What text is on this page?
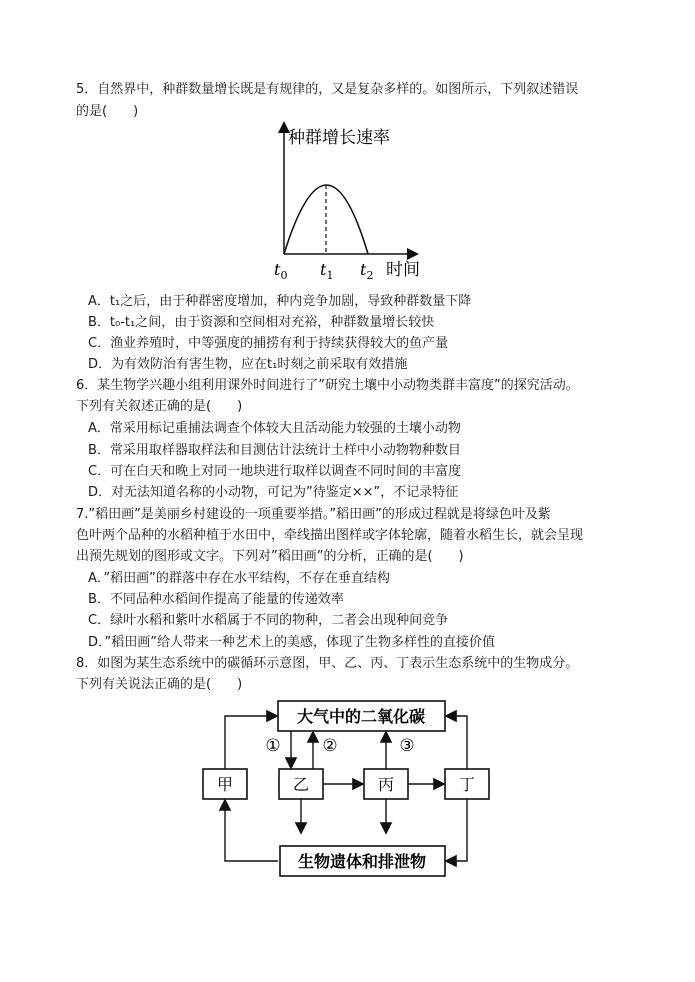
5．自然界中，种群数量增长既是有规律的，又是复杂多样的。如图所示，下列叙述错误
的是(　　)
种群增长速率
$t_0$ $t_1$ $t_2$ 时间
A．t₁之后，由于种群密度增加，种内竞争加剧，导致种群数量下降
B．t₀-t₁之间，由于资源和空间相对充裕，种群数量增长较快
C．渔业养殖时，中等强度的捕捞有利于持续获得较大的鱼产量
D．为有效防治有害生物，应在t₁时刻之前采取有效措施
6．某生物学兴趣小组利用课外时间进行了”研究土壤中小动物类群丰富度”的探究活动。
下列有关叙述正确的是(　　)
A．常采用标记重捕法调查个体较大且活动能力较强的土壤小动物
B．常采用取样器取样法和目测估计法统计土样中小动物物种数目
C．可在白天和晚上对同一地块进行取样以调查不同时间的丰富度
D．对无法知道名称的小动物，可记为”待鉴定××”，不记录特征
7.”稻田画”是美丽乡村建设的一项重要举措。”稻田画”的形成过程就是将绿色叶及紫
色叶两个品种的水稻种植于水田中，牵线描出图样或字体轮廓，随着水稻生长，就会呈现
出预先规划的图形或文字。下列对”稻田画”的分析，正确的是(　　)
A．”稻田画”的群落中存在水平结构，不存在垂直结构
B．不同品种水稻间作提高了能量的传递效率
C．绿叶水稻和紫叶水稻属于不同的物种，二者会出现种间竞争
D．”稻田画”给人带来一种艺术上的美感，体现了生物多样性的直接价值
8．如图为某生态系统中的碳循环示意图，甲、乙、丙、丁表示生态系统中的生物成分。
下列有关说法正确的是(　　)
大气中的二氧化碳
甲	乙	丙	丁
生物遗体和排泄物
① ②	③
